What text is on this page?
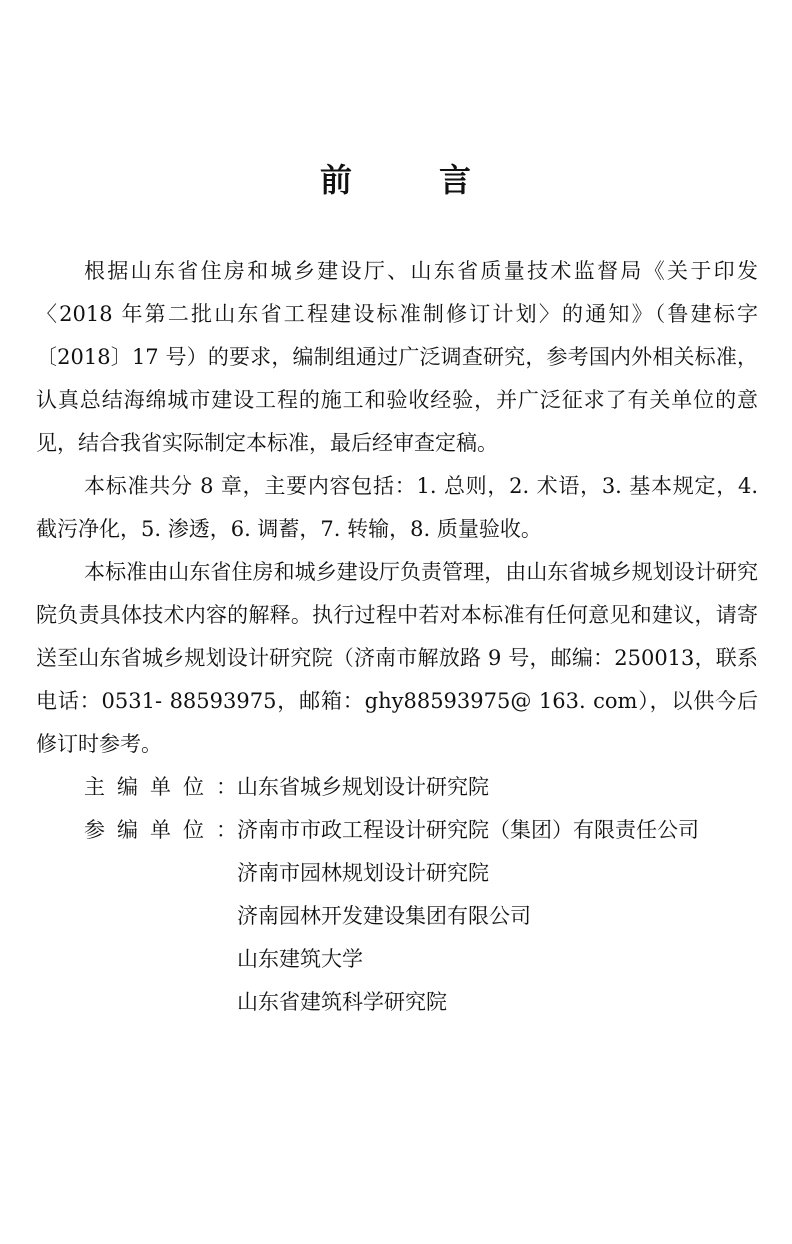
前	言

根据山东省住房和城乡建设厅、山东省质量技术监督局《关于印发〈2018 年第二批山东省工程建设标准制修订计划〉的通知》（鲁建标字〔2018〕17 号）的要求，编制组通过广泛调查研究，参考国内外相关标准，认真总结海绵城市建设工程的施工和验收经验，并广泛征求了有关单位的意见，结合我省实际制定本标准，最后经审查定稿。

本标准共分 8 章，主要内容包括：1. 总则，2. 术语，3. 基本规定，4. 截污净化，5. 渗透，6. 调蓄，7. 转输，8. 质量验收。

本标准由山东省住房和城乡建设厅负责管理，由山东省城乡规划设计研究院负责具体技术内容的解释。执行过程中若对本标准有任何意见和建议，请寄送至山东省城乡规划设计研究院（济南市解放路 9 号，邮编：250013，联系电话：0531- 88593975，邮箱：ghy88593975@ 163. com），以供今后修订时参考。

主编单位： 山东省城乡规划设计研究院
参编单位： 济南市市政工程设计研究院（集团）有限责任公司
济南市园林规划设计研究院
济南园林开发建设集团有限公司
山东建筑大学
山东省建筑科学研究院
